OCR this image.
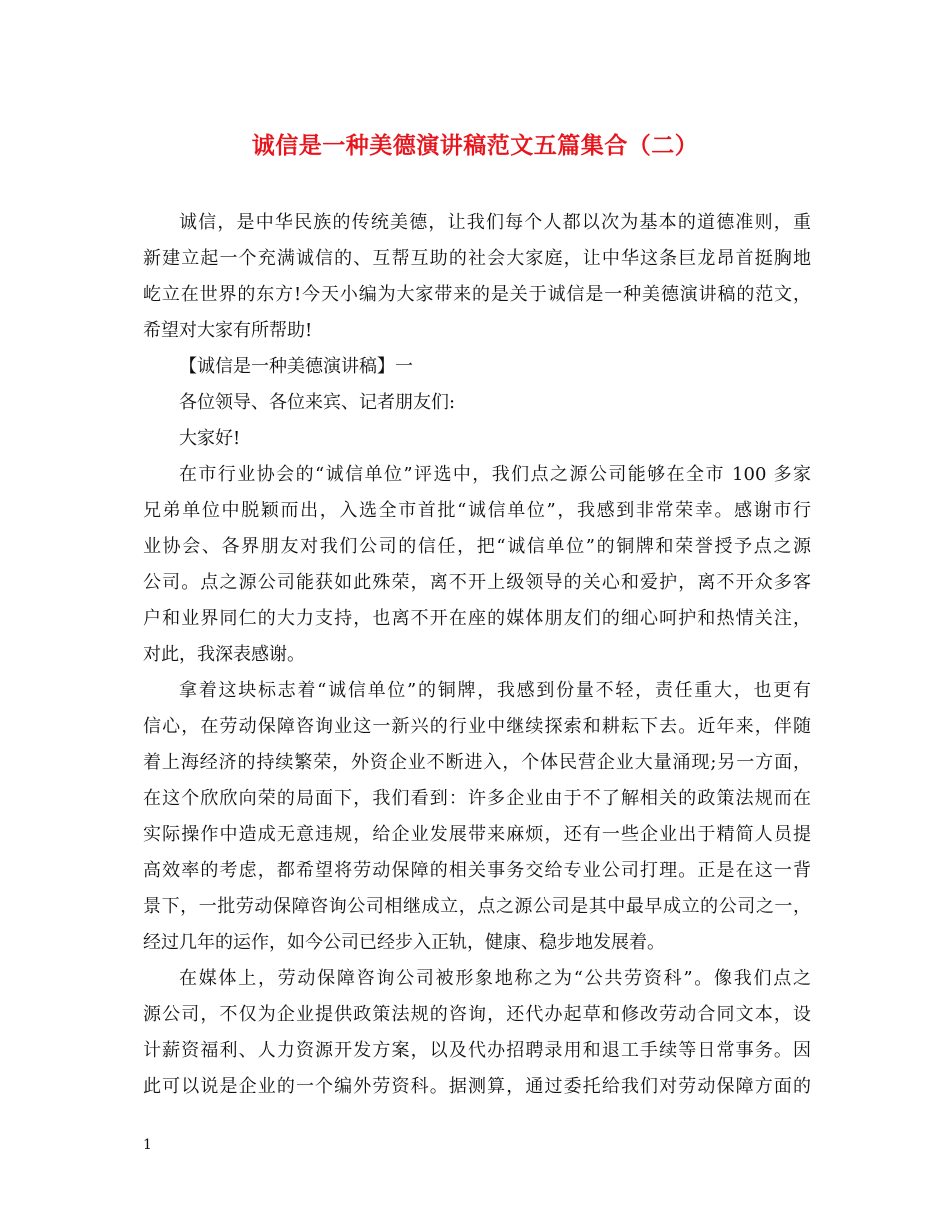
诚信是一种美德演讲稿范文五篇集合（二）
诚信，是中华民族的传统美德，让我们每个人都以次为基本的道德准则，重
新建立起一个充满诚信的、互帮互助的社会大家庭，让中华这条巨龙昂首挺胸地
屹立在世界的东方!今天小编为大家带来的是关于诚信是一种美德演讲稿的范文，
希望对大家有所帮助!
【诚信是一种美德演讲稿】一
各位领导、各位来宾、记者朋友们:
大家好!
在市行业协会的“诚信单位”评选中，我们点之源公司能够在全市 100 多家
兄弟单位中脱颖而出，入选全市首批“诚信单位”，我感到非常荣幸。感谢市行
业协会、各界朋友对我们公司的信任，把“诚信单位”的铜牌和荣誉授予点之源
公司。点之源公司能获如此殊荣，离不开上级领导的关心和爱护，离不开众多客
户和业界同仁的大力支持，也离不开在座的媒体朋友们的细心呵护和热情关注，
对此，我深表感谢。
拿着这块标志着“诚信单位”的铜牌，我感到份量不轻，责任重大，也更有
信心，在劳动保障咨询业这一新兴的行业中继续探索和耕耘下去。近年来，伴随
着上海经济的持续繁荣，外资企业不断进入，个体民营企业大量涌现;另一方面，
在这个欣欣向荣的局面下，我们看到：许多企业由于不了解相关的政策法规而在
实际操作中造成无意违规，给企业发展带来麻烦，还有一些企业出于精简人员提
高效率的考虑，都希望将劳动保障的相关事务交给专业公司打理。正是在这一背
景下，一批劳动保障咨询公司相继成立，点之源公司是其中最早成立的公司之一，
经过几年的运作，如今公司已经步入正轨，健康、稳步地发展着。
在媒体上，劳动保障咨询公司被形象地称之为“公共劳资科”。像我们点之
源公司，不仅为企业提供政策法规的咨询，还代办起草和修改劳动合同文本，设
计薪资福利、人力资源开发方案，以及代办招聘录用和退工手续等日常事务。因
此可以说是企业的一个编外劳资科。据测算，通过委托给我们对劳动保障方面的
1
